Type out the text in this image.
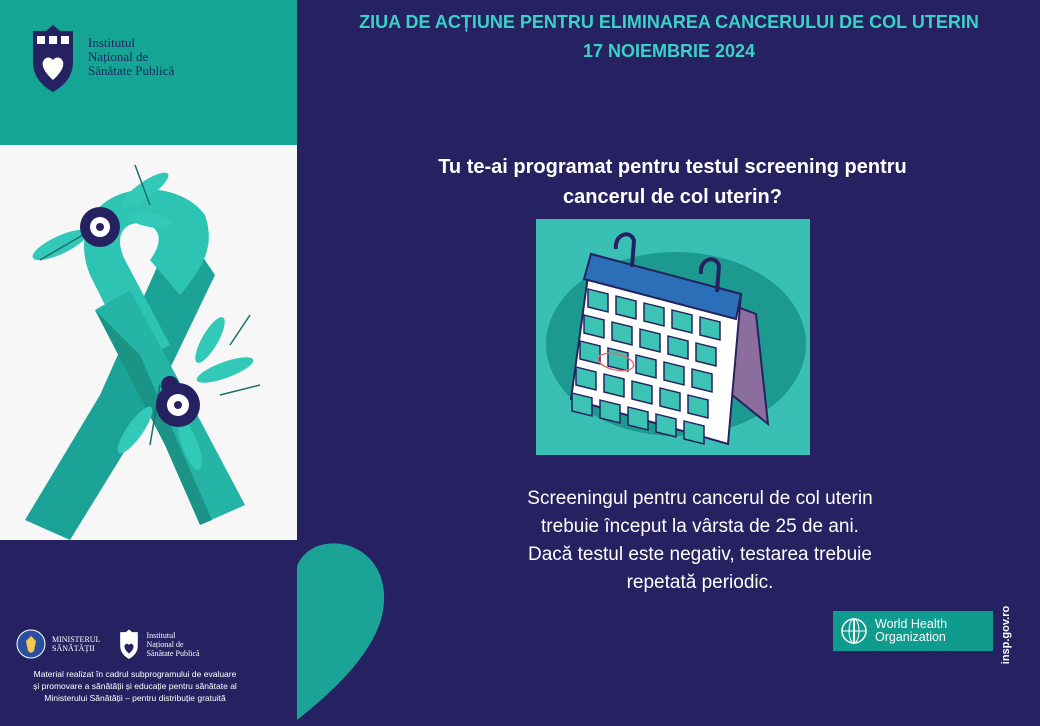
Institutul
Național de
Sănătate Publică
MINISTERUL
SĂNĂTĂȚII
Institutul
Național de
Sănătate Publică
Material realizat în cadrul subprogramului de evaluare
și promovare a sănătății și educație pentru sănătate al
Ministerului Sănătății – pentru distribuție gratuită
ZIUA DE ACȚIUNE PENTRU ELIMINAREA CANCERULUI DE COL UTERIN
17 NOIEMBRIE 2024
Tu te-ai programat pentru testul screening pentru
cancerul de col uterin?
Screeningul pentru cancerul de col uterin
trebuie început la vârsta de 25 de ani.
Dacă testul este negativ, testarea trebuie
repetată periodic.
World Health
Organization	insp.gov.ro
